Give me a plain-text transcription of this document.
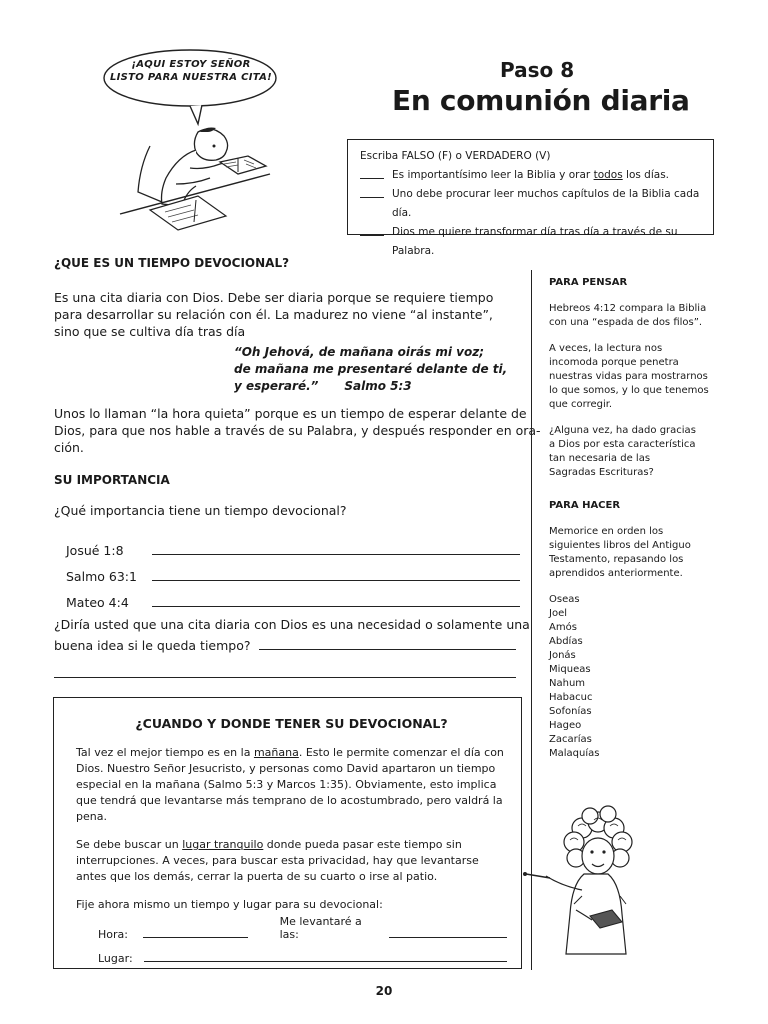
¡AQUI ESTOY SEÑOR
LISTO PARA NUESTRA CITA!	Paso 8
En comunión diaria
Escriba FALSO (F) o VERDADERO (V)
Es importantísimo leer la Biblia y orar todos los días.
Uno debe procurar leer muchos capítulos de la Biblia cada día.
Dios me quiere transformar día tras día a través de su Palabra.
¿QUE ES UN TIEMPO DEVOCIONAL?
Es una cita diaria con Dios. Debe ser diaria porque se requiere tiempo
para desarrollar su relación con él. La madurez no viene “al instante”,
sino que se cultiva día tras día
“Oh Jehová, de mañana oirás mi voz;
de mañana me presentaré delante de ti,
y esperaré.” Salmo 5:3
Unos lo llaman “la hora quieta” porque es un tiempo de esperar delante de
Dios, para que nos hable a través de su Palabra, y después responder en ora-
ción.
SU IMPORTANCIA
¿Qué importancia tiene un tiempo devocional?
Josué 1:8
Salmo 63:1
Mateo 4:4
¿Diría usted que una cita diaria con Dios es una necesidad o solamente una
buena idea si le queda tiempo?
PARA PENSAR
Hebreos 4:12 compara la Biblia con una “espada de dos filos”.
A veces, la lectura nos incomoda porque penetra nuestras vidas para mostrarnos lo que somos, y lo que tenemos que corregir.
¿Alguna vez, ha dado gracias a Dios por esta característica tan necesaria de las Sagradas Escrituras?
PARA HACER
Memorice en orden los siguientes libros del Antiguo Testamento, repasando los aprendidos anteriormente.
Oseas
Joel
Amós
Abdías
Jonás
Miqueas
Nahum
Habacuc
Sofonías
Hageo
Zacarías
Malaquías
¿CUANDO Y DONDE TENER SU DEVOCIONAL?

Tal vez el mejor tiempo es en la mañana. Esto le permite comenzar el día con Dios. Nuestro Señor Jesucristo, y personas como David apartaron un tiempo especial en la mañana (Salmo 5:3 y Marcos 1:35). Obviamente, esto implica que tendrá que levantarse más temprano de lo acostumbrado, pero valdrá la pena.

Se debe buscar un lugar tranquilo donde pueda pasar este tiempo sin interrupciones. A veces, para buscar esta privacidad, hay que levantarse antes que los demás, cerrar la puerta de su cuarto o irse al patio.

Fije ahora mismo un tiempo y lugar para su devocional:

Hora:
Me levantaré a las:
Lugar:
20
